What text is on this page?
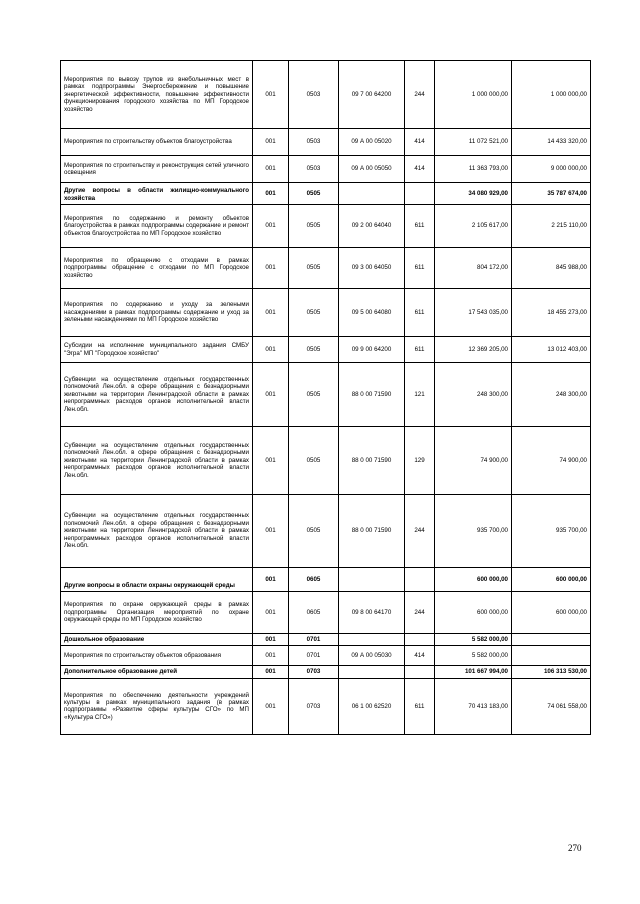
Мероприятия по вывозу трупов из внебольничных мест в рамках подпрограммы Энергосбережение и повышение энергетической эффективности, повышение эффективности функционирования городского хозяйства по МП Городское хозяйство	001	0503	09 7 00 64200	244	1 000 000,00	1 000 000,00
Мероприятия по строительству объектов благоустройства	001	0503	09 А 00 05020	414	11 072 521,00	14 433 320,00
Мероприятия по строительству и реконструкция сетей уличного освещения	001	0503	09 А 00 05050	414	11 363 793,00	9 000 000,00
Другие вопросы в области жилищно-коммунального хозяйства	001	0505			34 080 929,00	35 787 674,00
Мероприятия по содержанию и ремонту объектов благоустройства в рамках подпрограммы содержание и ремонт объектов благоустройства по МП Городское хозяйство	001	0505	09 2 00 64040	611	2 105 617,00	2 215 110,00
Мероприятия по обращению с отходами в рамках подпрограммы обращение с отходами по МП Городское хозяйство	001	0505	09 3 00 64050	611	804 172,00	845 988,00
Мероприятия по содержанию и уходу за зелеными насаждениями в рамках подпрограммы содержание и уход за зелеными насаждениями по МП Городское хозяйство	001	0505	09 5 00 64080	611	17 543 035,00	18 455 273,00
Субсидии на исполнение муниципального задания СМБУ "Эгра" МП "Городское хозяйство"	001	0505	09 9 00 64200	611	12 369 205,00	13 012 403,00
Субвенции на осуществление отдельных государственных полномочий Лен.обл. в сфере обращения с безнадзорными животными на территории Ленинградской области в рамках непрограммных расходов органов исполнительной власти Лен.обл.	001	0505	88 0 00 71590	121	248 300,00	248 300,00
Субвенции на осуществление отдельных государственных полномочий Лен.обл. в сфере обращения с безнадзорными животными на территории Ленинградской области в рамках непрограммных расходов органов исполнительной власти Лен.обл.	001	0505	88 0 00 71590	129	74 900,00	74 900,00
Субвенции на осуществление отдельных государственных полномочий Лен.обл. в сфере обращения с безнадзорными животными на территории Ленинградской области в рамках непрограммных расходов органов исполнительной власти Лен.обл.	001	0505	88 0 00 71590	244	935 700,00	935 700,00
Другие вопросы в области охраны окружающей среды	001	0605			600 000,00	600 000,00
Мероприятия по охране окружающей среды в рамках подпрограммы Организация мероприятий по охране окружающей среды по МП Городское хозяйство	001	0605	09 8 00 64170	244	600 000,00	600 000,00
Дошкольное образование	001	0701			5 582 000,00	
Мероприятия по строительству объектов образования	001	0701	09 А 00 05030	414	5 582 000,00	
Дополнительное образование детей	001	0703			101 667 994,00	106 313 530,00
Мероприятия по обеспечению деятельности учреждений культуры в рамках муниципального задания (в рамках подпрограммы «Развитие сферы культуры СГО» по МП «Культура СГО»)	001	0703	06 1 00 62520	611	70 413 183,00	74 061 558,00
270
